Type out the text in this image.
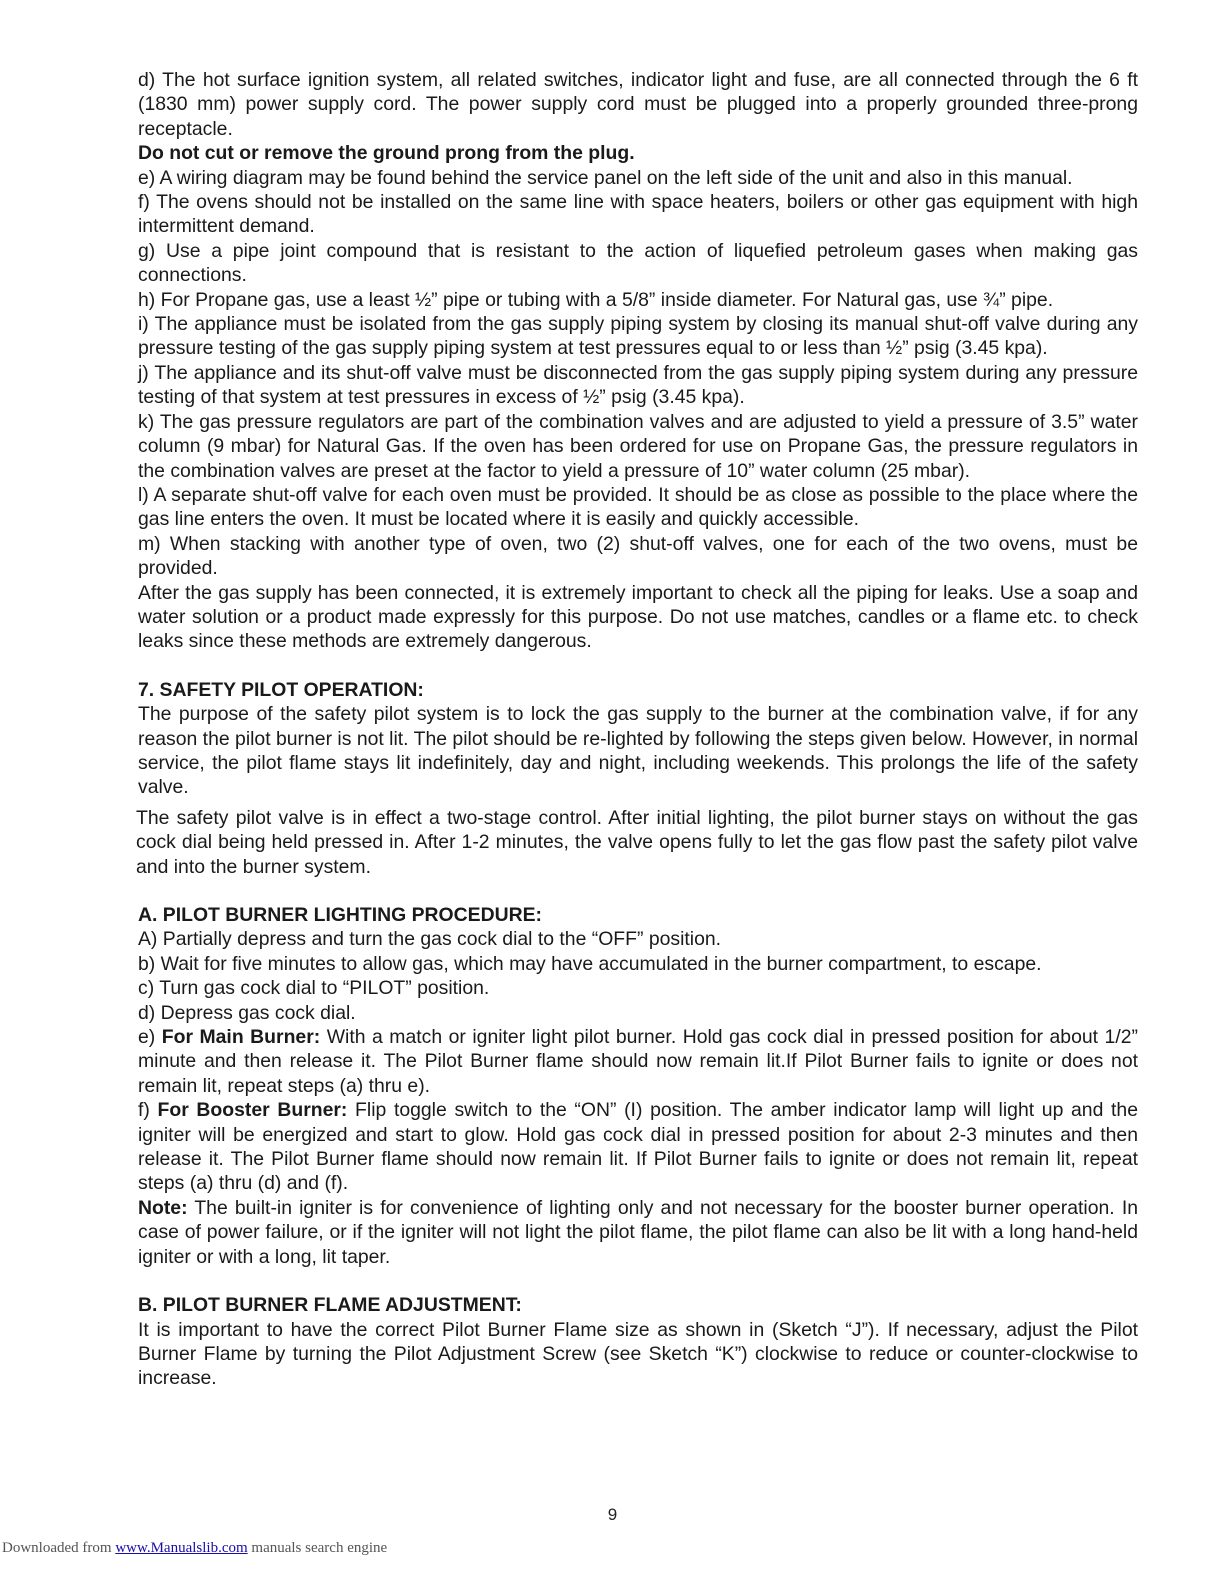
d) The hot surface ignition system, all related switches, indicator light and fuse, are all connected through the 6 ft (1830 mm) power supply cord. The power supply cord must be plugged into a properly grounded three-prong receptacle.

Do not cut or remove the ground prong from the plug.

e) A wiring diagram may be found behind the service panel on the left side of the unit and also in this manual.

f) The ovens should not be installed on the same line with space heaters, boilers or other gas equipment with high intermittent demand.

g) Use a pipe joint compound that is resistant to the action of liquefied petroleum gases when making gas connections.

h) For Propane gas, use a least ½” pipe or tubing with a 5/8” inside diameter. For Natural gas, use ¾” pipe.

i) The appliance must be isolated from the gas supply piping system by closing its manual shut-off valve during any pressure testing of the gas supply piping system at test pressures equal to or less than ½” psig (3.45 kpa).

j) The appliance and its shut-off valve must be disconnected from the gas supply piping system during any pressure testing of that system at test pressures in excess of ½” psig (3.45 kpa).

k) The gas pressure regulators are part of the combination valves and are adjusted to yield a pressure of 3.5” water column (9 mbar) for Natural Gas. If the oven has been ordered for use on Propane Gas, the pressure regulators in the combination valves are preset at the factor to yield a pressure of 10” water column (25 mbar).

l) A separate shut-off valve for each oven must be provided. It should be as close as possible to the place where the gas line enters the oven. It must be located where it is easily and quickly accessible.

m) When stacking with another type of oven, two (2) shut-off valves, one for each of the two ovens, must be provided.

After the gas supply has been connected, it is extremely important to check all the piping for leaks. Use a soap and water solution or a product made expressly for this purpose. Do not use matches, candles or a flame etc. to check leaks since these methods are extremely dangerous.

7. SAFETY PILOT OPERATION:

The purpose of the safety pilot system is to lock the gas supply to the burner at the combination valve, if for any reason the pilot burner is not lit. The pilot should be re-lighted by following the steps given below. However, in normal service, the pilot flame stays lit indefinitely, day and night, including weekends. This prolongs the life of the safety valve.

The safety pilot valve is in effect a two-stage control. After initial lighting, the pilot burner stays on without the gas cock dial being held pressed in. After 1-2 minutes, the valve opens fully to let the gas flow past the safety pilot valve and into the burner system.

A. PILOT BURNER LIGHTING PROCEDURE:

A) Partially depress and turn the gas cock dial to the “OFF” position.

b) Wait for five minutes to allow gas, which may have accumulated in the burner compartment, to escape.

c) Turn gas cock dial to “PILOT” position.

d) Depress gas cock dial.

e) For Main Burner: With a match or igniter light pilot burner. Hold gas cock dial in pressed position for about 1/2” minute and then release it. The Pilot Burner flame should now remain lit.If Pilot Burner fails to ignite or does not remain lit, repeat steps (a) thru e).

f) For Booster Burner: Flip toggle switch to the “ON” (I) position. The amber indicator lamp will light up and the igniter will be energized and start to glow. Hold gas cock dial in pressed position for about 2-3 minutes and then release it. The Pilot Burner flame should now remain lit. If Pilot Burner fails to ignite or does not remain lit, repeat steps (a) thru (d) and (f).

Note: The built-in igniter is for convenience of lighting only and not necessary for the booster burner operation. In case of power failure, or if the igniter will not light the pilot flame, the pilot flame can also be lit with a long hand-held igniter or with a long, lit taper.

B. PILOT BURNER FLAME ADJUSTMENT:

It is important to have the correct Pilot Burner Flame size as shown in (Sketch “J”). If necessary, adjust the Pilot Burner Flame by turning the Pilot Adjustment Screw (see Sketch “K”) clockwise to reduce or counter-clockwise to increase.

9
Downloaded from www.Manualslib.com manuals search engine
